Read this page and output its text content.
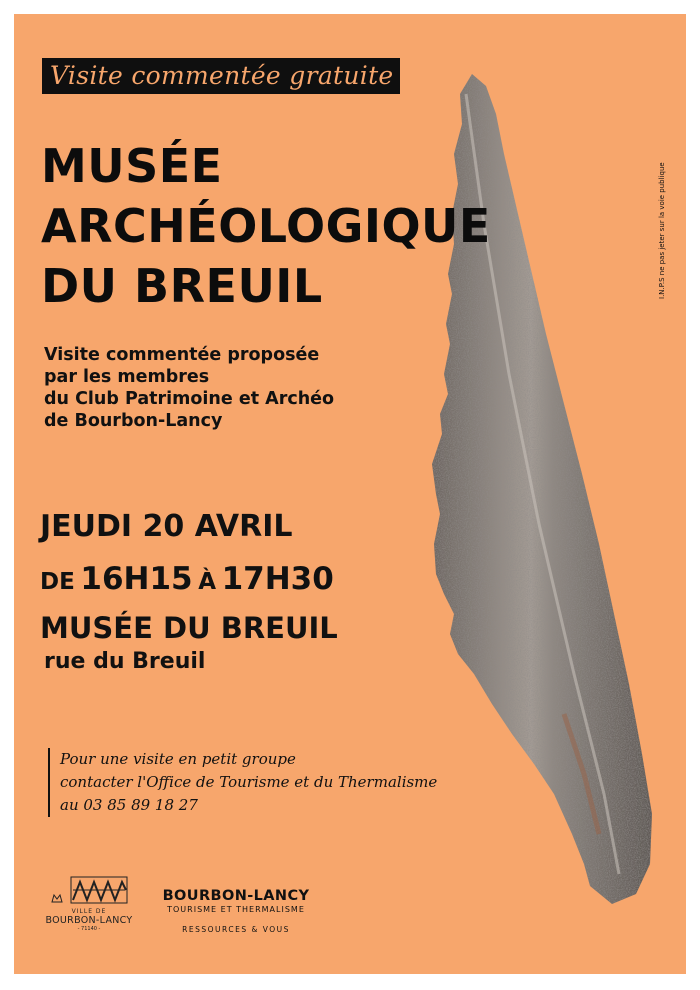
Visite commentée gratuite
MUSÉE
ARCHÉOLOGIQUE
DU BREUIL
Visite commentée proposée
par les membres
du Club Patrimoine et Archéo
de Bourbon-Lancy
JEUDI 20 AVRIL
DE 16H15 À 17H30
MUSÉE DU BREUIL
rue du Breuil
Pour une visite en petit groupe
contacter l'Office de Tourisme et du Thermalisme
au 03 85 89 18 27
I.N.P.S ne pas jeter sur la voie publique

VILLE DE
BOURBON-LANCY
- 71140 -
BOURBON-LANCY
TOURISME ET THERMALISME
RESSOURCES & VOUS
